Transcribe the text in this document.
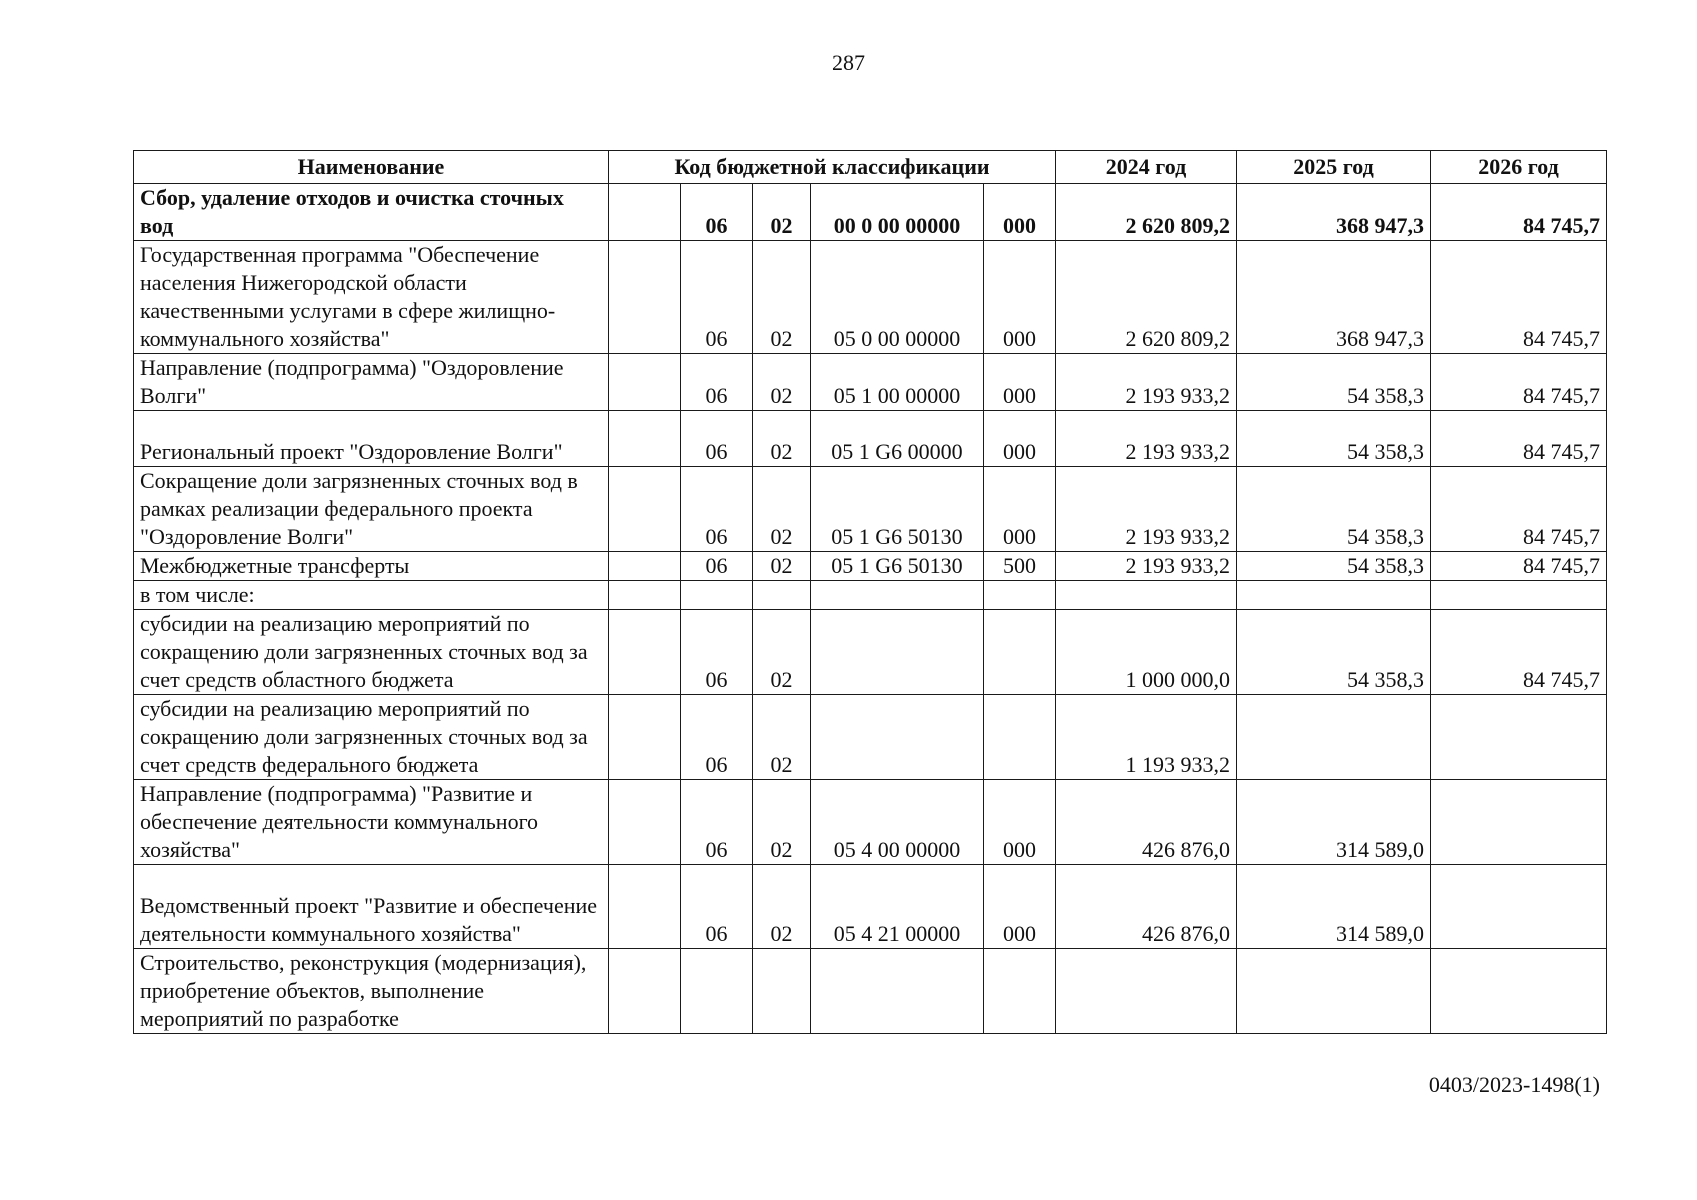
287
Наименование	Код бюджетной классификации					2024 год	2025 год	2026 год
Сбор, удаление отходов и очистка сточных вод		06	02	00 0 00 00000	000	2 620 809,2	368 947,3	84 745,7
Государственная программа "Обеспечение населения Нижегородской области качественными услугами в сфере жилищно-коммунального хозяйства"		06	02	05 0 00 00000	000	2 620 809,2	368 947,3	84 745,7
Направление (подпрограмма) "Оздоровление Волги"		06	02	05 1 00 00000	000	2 193 933,2	54 358,3	84 745,7
Региональный проект "Оздоровление Волги"		06	02	05 1 G6 00000	000	2 193 933,2	54 358,3	84 745,7
Сокращение доли загрязненных сточных вод в рамках реализации федерального проекта "Оздоровление Волги"		06	02	05 1 G6 50130	000	2 193 933,2	54 358,3	84 745,7
Межбюджетные трансферты		06	02	05 1 G6 50130	500	2 193 933,2	54 358,3	84 745,7
в том числе:								
субсидии на реализацию мероприятий по сокращению доли загрязненных сточных вод за счет средств областного бюджета		06	02			1 000 000,0	54 358,3	84 745,7
субсидии на реализацию мероприятий по сокращению доли загрязненных сточных вод за счет средств федерального бюджета		06	02			1 193 933,2		
Направление (подпрограмма) "Развитие и обеспечение деятельности коммунального хозяйства"		06	02	05 4 00 00000	000	426 876,0	314 589,0	
Ведомственный проект "Развитие и обеспечение деятельности коммунального хозяйства"		06	02	05 4 21 00000	000	426 876,0	314 589,0	
Строительство, реконструкция (модернизация), приобретение объектов, выполнение мероприятий по разработке								
0403/2023-1498(1)
